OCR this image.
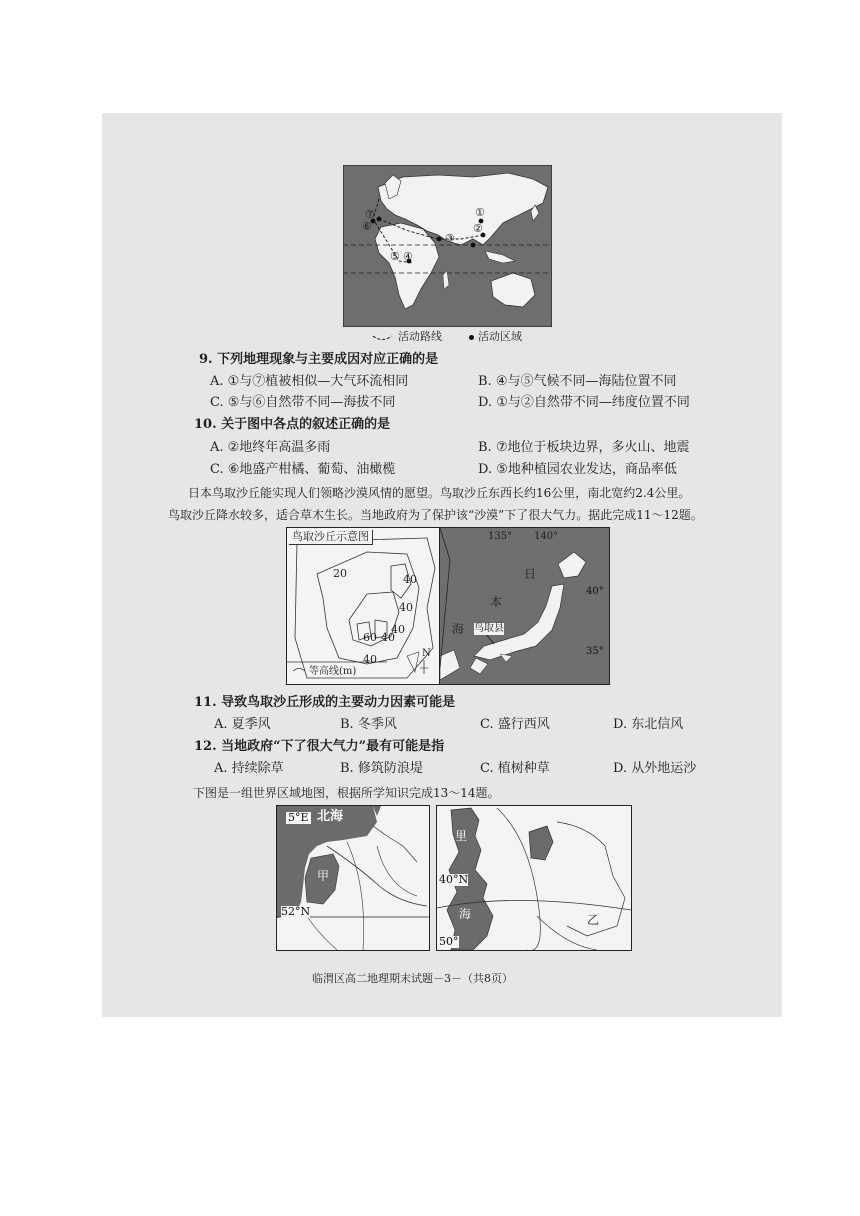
①
②
③
④
⑤
⑥
⑦
活动路线	活动区域
9. 下列地理现象与主要成因对应正确的是
A. ①与⑦植被相似—大气环流相同	B. ④与⑤气候不同—海陆位置不同
C. ⑤与⑥自然带不同—海拔不同	D. ①与②自然带不同—纬度位置不同
10. 关于图中各点的叙述正确的是
A. ②地终年高温多雨	B. ⑦地位于板块边界，多火山、地震
C. ⑥地盛产柑橘、葡萄、油橄榄	D. ⑤地种植园农业发达，商品率低
日本鸟取沙丘能实现人们领略沙漠风情的愿望。鸟取沙丘东西长约16公里，南北宽约2.4公里。
鸟取沙丘降水较多，适合草木生长。当地政府为了保护该“沙漠”下了很大气力。据此完成11～12题。
鸟取沙丘示意图
20	40
40
40
60 40
40
等高线(m)
N
135° 140°
40°
35°
日
本
海 鸟取县
11. 导致鸟取沙丘形成的主要动力因素可能是
A. 夏季风	B. 冬季风	C. 盛行西风	D. 东北信风
12. 当地政府“下了很大气力”最有可能是指
A. 持续除草	B. 修筑防浪堤	C. 植树种草	D. 从外地运沙
下图是一组世界区域地图，根据所学知识完成13～14题。
5°E 北海
甲
52°N
里
40°N
海
50°
乙
临渭区高二地理期末试题－3－（共8页）
